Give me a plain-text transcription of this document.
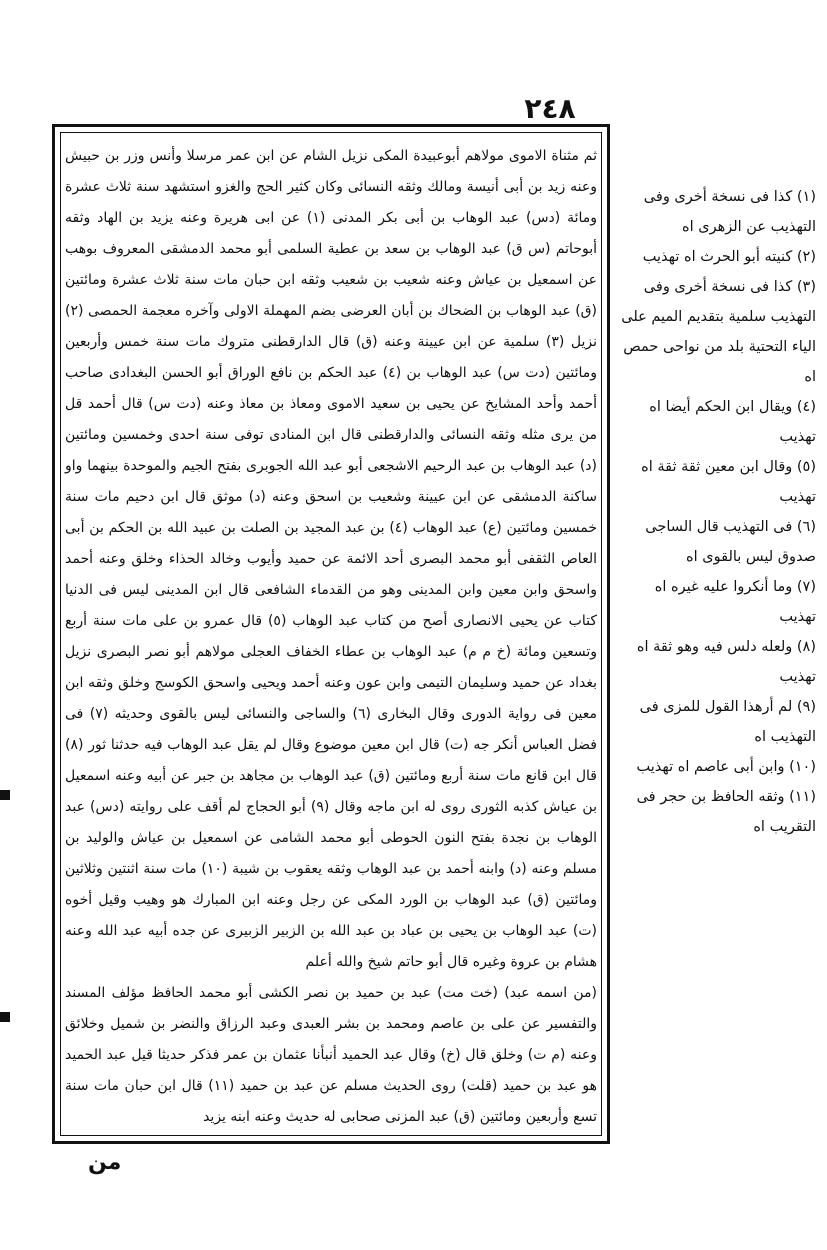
٢٤٨

ثم مثناة الاموى مولاهم أبوعبيدة المكى نزيل الشام عن ابن عمر مرسلا وأنس وزر بن حبيش وعنه زيد بن أبى أنيسة ومالك وثقه النسائى وكان كثير الحج والغزو استشهد سنة ثلاث عشرة ومائة (دس) عبد الوهاب بن أبى بكر المدنى (١) عن ابى هريرة وعنه يزيد بن الهاد وثقه أبوحاتم (س ق) عبد الوهاب بن سعد بن عطية السلمى أبو محمد الدمشقى المعروف بوهب عن اسمعيل بن عياش وعنه شعيب بن شعيب وثقه ابن حبان مات سنة ثلاث عشرة ومائتين (ق) عبد الوهاب بن الضحاك بن أبان العرضى بضم المهملة الاولى وآخره معجمة الحمصى (٢) نزيل (٣) سلمية عن ابن عيينة وعنه (ق) قال الدارقطنى متروك مات سنة خمس وأربعين ومائتين (دت س) عبد الوهاب بن (٤) عبد الحكم بن نافع الوراق أبو الحسن البغدادى صاحب أحمد وأحد المشايخ عن يحيى بن سعيد الاموى ومعاذ بن معاذ وعنه (دت س) قال أحمد قل من يرى مثله وثقه النسائى والدارقطنى قال ابن المنادى توفى سنة احدى وخمسين ومائتين (د) عبد الوهاب بن عبد الرحيم الاشجعى أبو عبد الله الجوبرى بفتح الجيم والموحدة بينهما واو ساكنة الدمشقى عن ابن عيينة وشعيب بن اسحق وعنه (د) موثق قال ابن دحيم مات سنة خمسين ومائتين (ع) عبد الوهاب (٤) بن عبد المجيد بن الصلت بن عبيد الله بن الحكم بن أبى العاص الثقفى أبو محمد البصرى أحد الائمة عن حميد وأيوب وخالد الحذاء وخلق وعنه أحمد واسحق وابن معين وابن المدينى وهو من القدماء الشافعى قال ابن المدينى ليس فى الدنيا كتاب عن يحيى الانصارى أصح من كتاب عبد الوهاب (٥) قال عمرو بن على مات سنة أربع وتسعين ومائة (خ م م) عبد الوهاب بن عطاء الخفاف العجلى مولاهم أبو نصر البصرى نزيل بغداد عن حميد وسليمان التيمى وابن عون وعنه أحمد ويحيى واسحق الكوسج وخلق وثقه ابن معين فى رواية الدورى وقال البخارى (٦) والساجى والنسائى ليس بالقوى وحديثه (٧) فى فضل العباس أنكر جه (ت) قال ابن معين موضوع وقال لم يقل عبد الوهاب فيه حدثنا ثور (٨) قال ابن قانع مات سنة أربع ومائتين (ق) عبد الوهاب بن مجاهد بن جبر عن أبيه وعنه اسمعيل بن عياش كذبه الثورى روى له ابن ماجه وقال (٩) أبو الحجاج لم أقف على روايته (دس) عبد الوهاب بن نجدة بفتح النون الحوطى أبو محمد الشامى عن اسمعيل بن عياش والوليد بن مسلم وعنه (د) وابنه أحمد بن عبد الوهاب وثقه يعقوب بن شيبة (١٠) مات سنة اثنتين وثلاثين ومائتين (ق) عبد الوهاب بن الورد المكى عن رجل وعنه ابن المبارك هو وهيب وقيل أخوه (ت) عبد الوهاب بن يحيى بن عباد بن عبد الله بن الزبير الزبيرى عن جده أبيه عبد الله وعنه هشام بن عروة وغيره قال أبو حاتم شيخ والله أعلم

(من اسمه عبد) (خت مت) عبد بن حميد بن نصر الكشى أبو محمد الحافظ مؤلف المسند والتفسير عن على بن عاصم ومحمد بن بشر العبدى وعبد الرزاق والنضر بن شميل وخلائق وعنه (م ت) وخلق قال (خ) وقال عبد الحميد أنبأنا عثمان بن عمر فذكر حديثا قيل عبد الحميد هو عبد بن حميد (قلت) روى الحديث مسلم عن عبد بن حميد (١١) قال ابن حبان مات سنة تسع وأربعين ومائتين (ق) عبد المزنى صحابى له حديث وعنه ابنه يزيد

(١) كذا فى نسخة أخرى وفى التهذيب عن الزهرى اه

(٢) كنيته أبو الحرث اه تهذيب

(٣) كذا فى نسخة أخرى وفى التهذيب سلمية بتقديم الميم على الياء التحتية بلد من نواحى حمص اه

(٤) ويقال ابن الحكم أيضا اه تهذيب

(٥) وقال ابن معين ثقة ثقة اه تهذيب

(٦) فى التهذيب قال الساجى صدوق ليس بالقوى اه

(٧) وما أنكروا عليه غيره اه تهذيب

(٨) ولعله دلس فيه وهو ثقة اه تهذيب

(٩) لم أرهذا القول للمزى فى التهذيب اه

(١٠) وابن أبى عاصم اه تهذيب

(١١) وثقه الحافظ بن حجر فى التقريب اه

من
